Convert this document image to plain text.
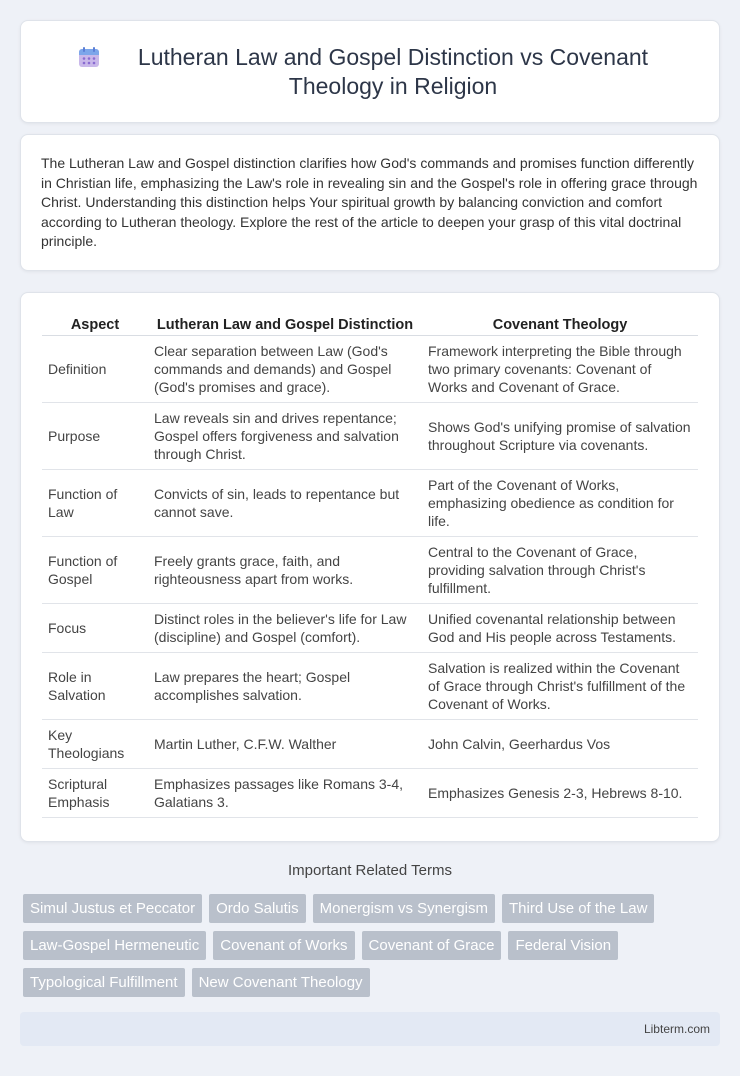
Lutheran Law and Gospel Distinction vs Covenant Theology in Religion

The Lutheran Law and Gospel distinction clarifies how God's commands and promises function differently in Christian life, emphasizing the Law's role in revealing sin and the Gospel's role in offering grace through Christ. Understanding this distinction helps Your spiritual growth by balancing conviction and comfort according to Lutheran theology. Explore the rest of the article to deepen your grasp of this vital doctrinal principle.

Aspect	Lutheran Law and Gospel Distinction	Covenant Theology
Definition	Clear separation between Law (God's commands and demands) and Gospel (God's promises and grace).	Framework interpreting the Bible through two primary covenants: Covenant of Works and Covenant of Grace.
Purpose	Law reveals sin and drives repentance; Gospel offers forgiveness and salvation through Christ.	Shows God's unifying promise of salvation throughout Scripture via covenants.
Function of Law	Convicts of sin, leads to repentance but cannot save.	Part of the Covenant of Works, emphasizing obedience as condition for life.
Function of Gospel	Freely grants grace, faith, and righteousness apart from works.	Central to the Covenant of Grace, providing salvation through Christ's fulfillment.
Focus	Distinct roles in the believer's life for Law (discipline) and Gospel (comfort).	Unified covenantal relationship between God and His people across Testaments.
Role in Salvation	Law prepares the heart; Gospel accomplishes salvation.	Salvation is realized within the Covenant of Grace through Christ's fulfillment of the Covenant of Works.
Key Theologians	Martin Luther, C.F.W. Walther	John Calvin, Geerhardus Vos
Scriptural Emphasis	Emphasizes passages like Romans 3-4, Galatians 3.	Emphasizes Genesis 2-3, Hebrews 8-10.
Important Related Terms
Simul Justus et Peccator	Ordo Salutis	Monergism vs Synergism	Third Use of the Law
Law-Gospel Hermeneutic	Covenant of Works	Covenant of Grace	Federal Vision
Typological Fulfillment	New Covenant Theology
Libterm.com
